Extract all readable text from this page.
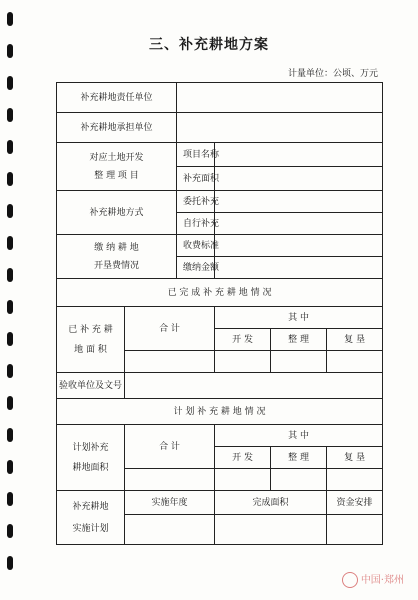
三、补充耕地方案
计量单位：公顷、万元
补充耕地责任单位					
补充耕地承担单位					

对应土地开发
整 理 项 目		项目名称			
		补充面积			
补充耕地方式		委托补充			
		自行补充			

缴 纳 耕 地
开垦费情况		收费标准			
		缴纳金额			
已 完 成 补 充 耕 地 情 况					

已 补 充 耕
地 面 积	合 计		其 中		
			开 发	整 理	复 垦

验收单位及文号					
计 划 补 充 耕 地 情 况					

计划补充
耕地面积	合 计		其 中		
			开 发	整 理	复 垦

补充耕地
实施计划	实施年度		完成面积		资金安排

中国·郑州
